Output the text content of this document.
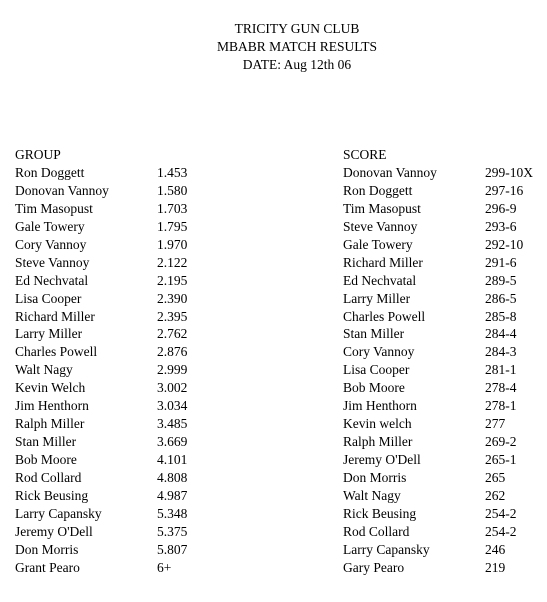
TRICITY GUN CLUB
MBABR MATCH RESULTS
DATE: Aug 12th 06
GROUP	SCORE
Ron Doggett	1.453
Donovan Vannoy	1.580
Tim Masopust	1.703
Gale Towery	1.795
Cory Vannoy	1.970
Steve Vannoy	2.122
Ed Nechvatal	2.195
Lisa Cooper	2.390
Richard Miller	2.395
Larry Miller	2.762
Charles Powell	2.876
Walt Nagy	2.999
Kevin Welch	3.002
Jim Henthorn	3.034
Ralph Miller	3.485
Stan Miller	3.669
Bob Moore	4.101
Rod Collard	4.808
Rick Beusing	4.987
Larry Capansky	5.348
Jeremy O'Dell	5.375
Don Morris	5.807
Grant Pearo	6+
Donovan Vannoy	299-10X
Ron Doggett	297-16
Tim Masopust	296-9
Steve Vannoy	293-6
Gale Towery	292-10
Richard Miller	291-6
Ed Nechvatal	289-5
Larry Miller	286-5
Charles Powell	285-8
Stan Miller	284-4
Cory Vannoy	284-3
Lisa Cooper	281-1
Bob Moore	278-4
Jim Henthorn	278-1
Kevin welch	277
Ralph Miller	269-2
Jeremy O'Dell	265-1
Don Morris	265
Walt Nagy	262
Rick Beusing	254-2
Rod Collard	254-2
Larry Capansky	246
Gary Pearo	219
